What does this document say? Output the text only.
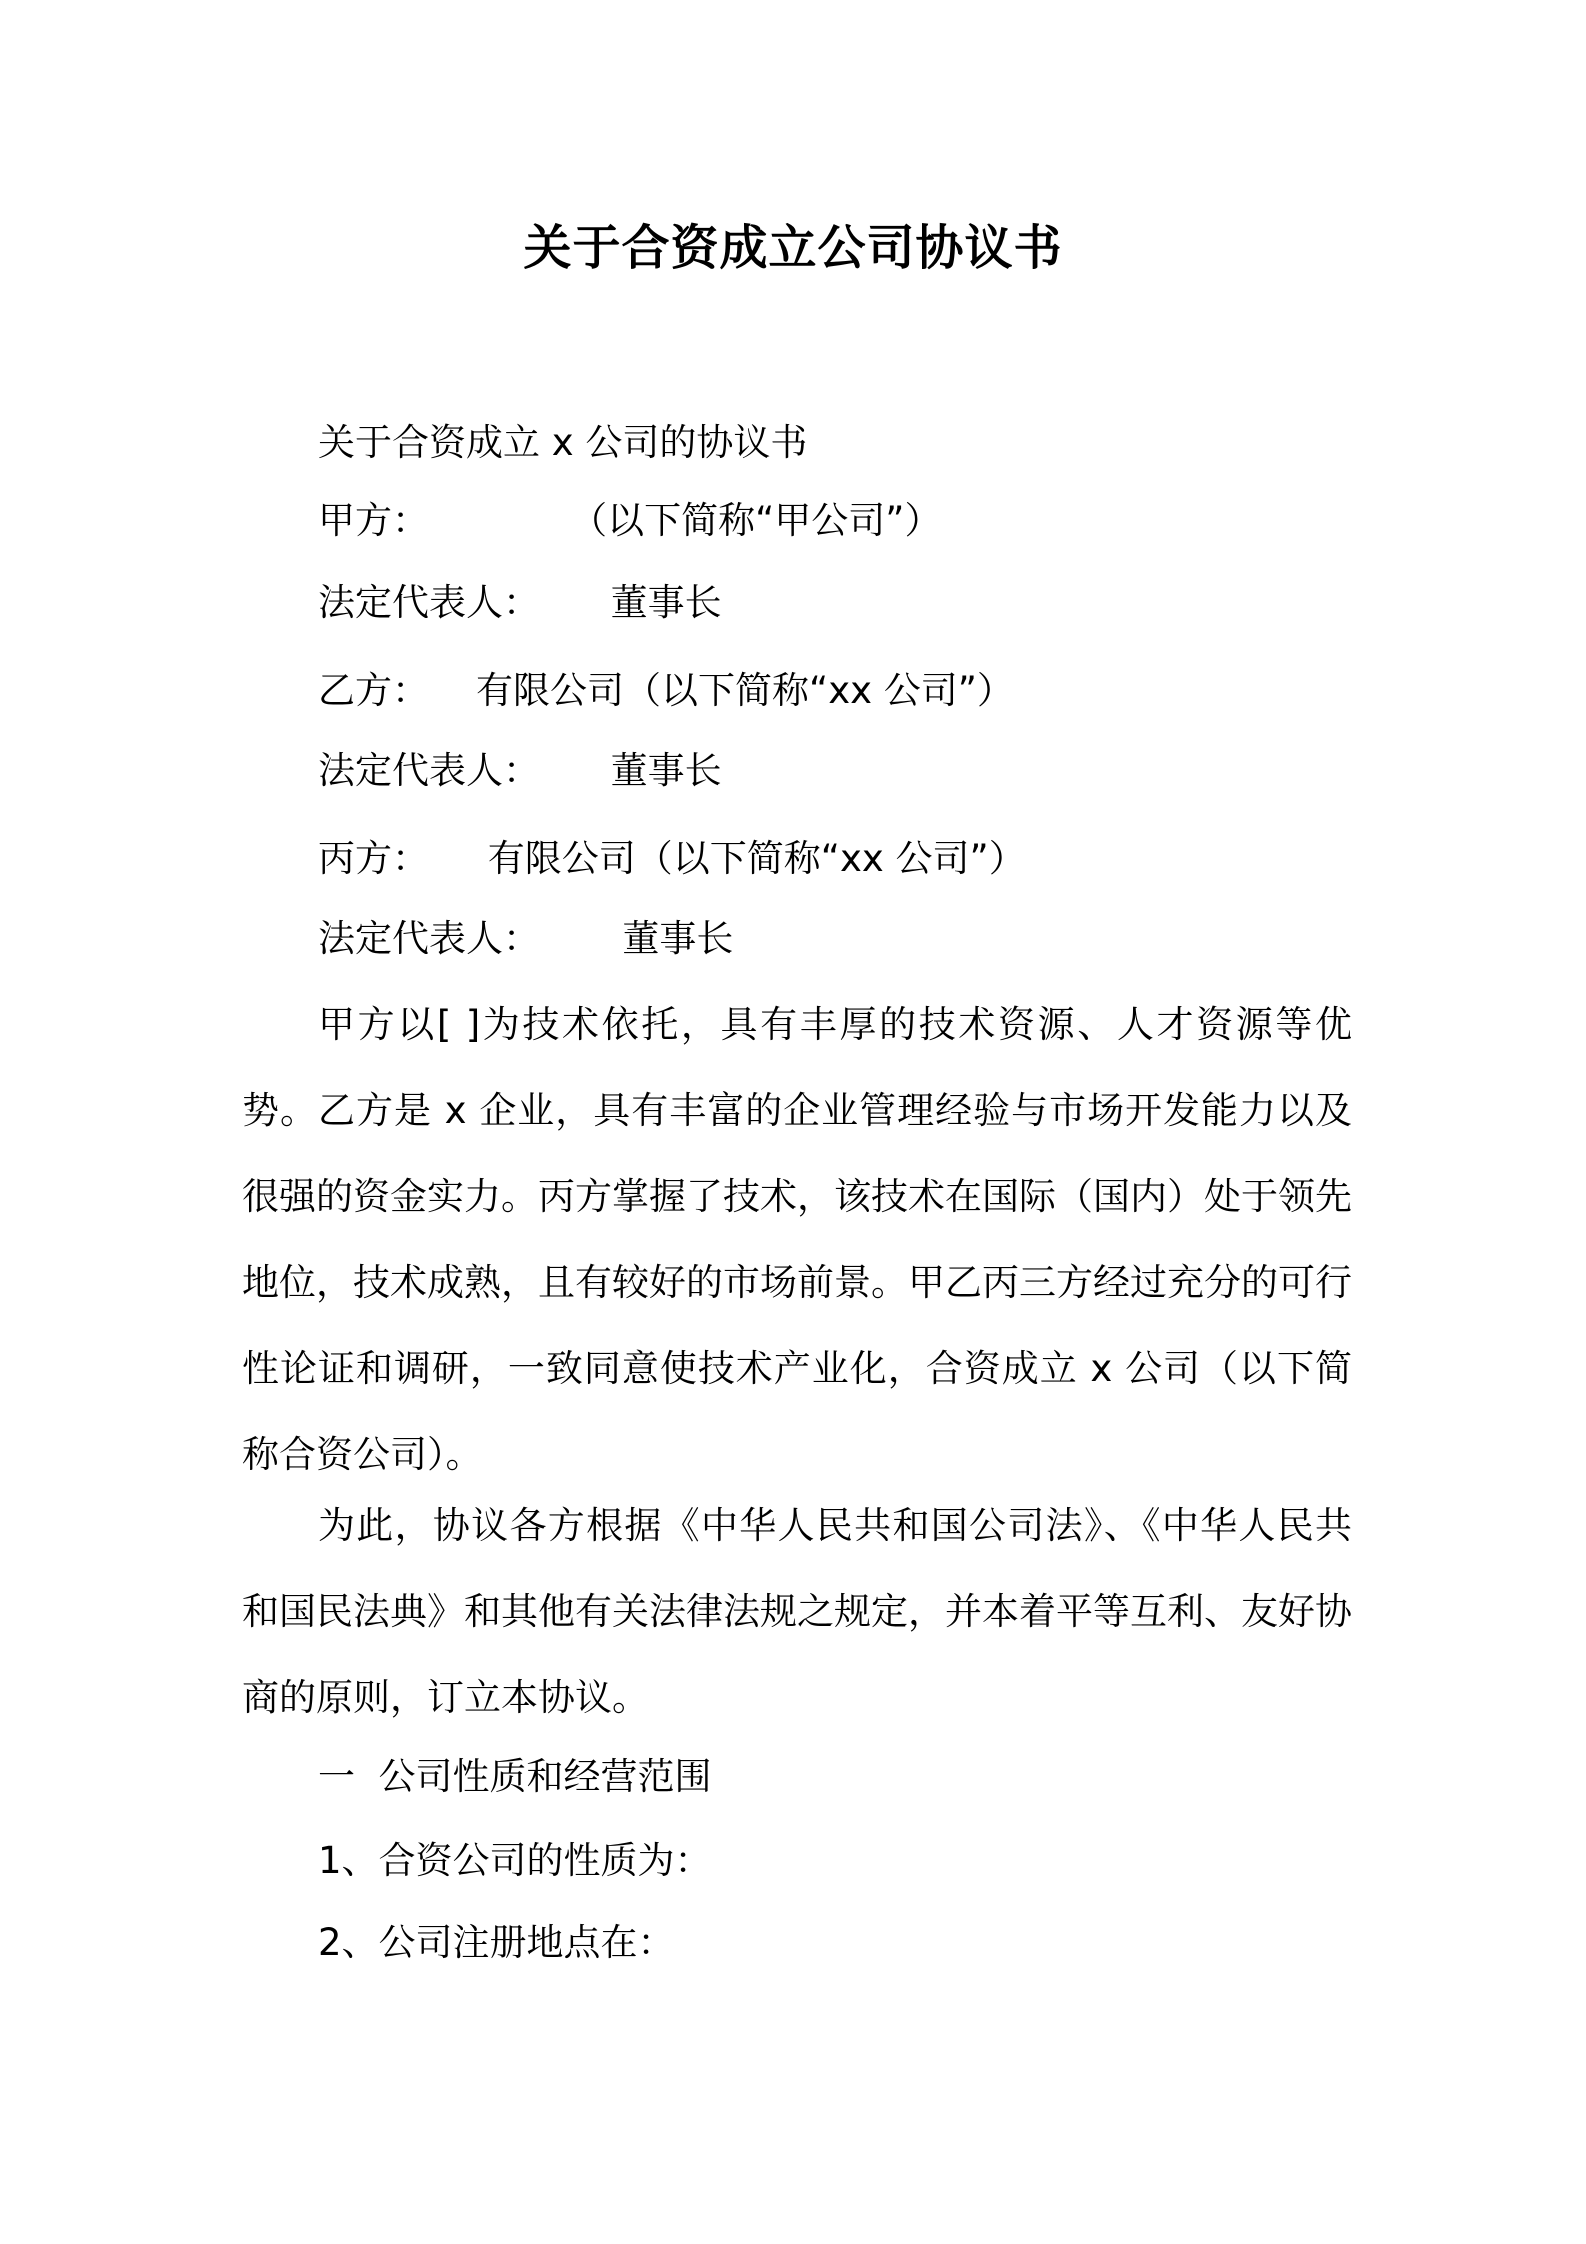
关于合资成立公司协议书
关于合资成立 x 公司的协议书
甲方：            （以下简称“甲公司”）
法定代表人：      董事长
乙方：    有限公司（以下简称“xx 公司”）
法定代表人：      董事长
丙方：     有限公司（以下简称“xx 公司”）
法定代表人：       董事长
甲方以[ ]为技术依托，具有丰厚的技术资源、人才资源等优势。乙方是 x 企业，具有丰富的企业管理经验与市场开发能力以及很强的资金实力。丙方掌握了技术，该技术在国际（国内）处于领先地位，技术成熟，且有较好的市场前景。甲乙丙三方经过充分的可行性论证和调研，一致同意使技术产业化，合资成立 x 公司（以下简称合资公司）。
为此，协议各方根据《中华人民共和国公司法》、《中华人民共和国民法典》和其他有关法律法规之规定，并本着平等互利、友好协商的原则，订立本协议。
一  公司性质和经营范围
1、合资公司的性质为：
2、公司注册地点在：
